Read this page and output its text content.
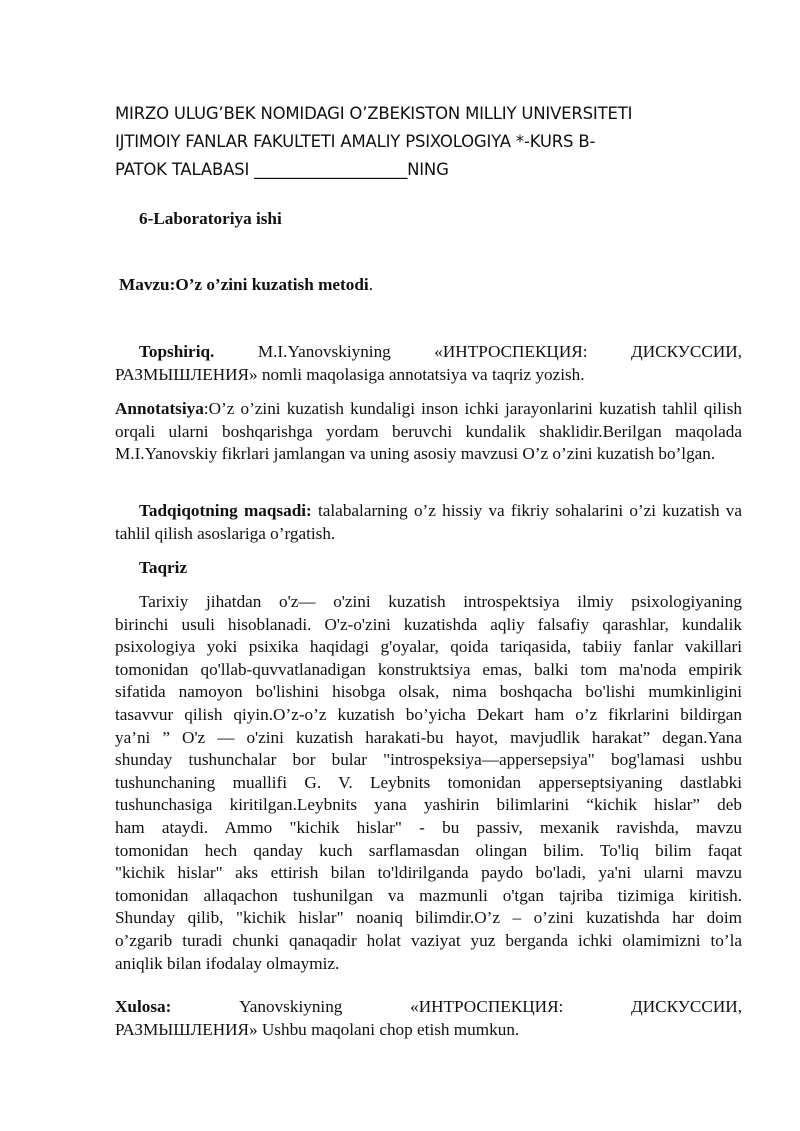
MIRZO ULUG’BEK NOMIDAGI O’ZBEKISTON MILLIY UNIVERSITETI
IJTIMOIY FANLAR FAKULTETI AMALIY PSIXOLOGIYA *-KURS B-
PATOK TALABASI ___________________NING
6-Laboratoriya ishi
Mavzu:O’z o’zini kuzatish metodi.
Topshiriq.	M.I.Yanovskiyning	«ИНТРОСПЕКЦИЯ:	ДИСКУССИИ,
РАЗМЫШЛЕНИЯ» nomli maqolasiga annotatsiya va taqriz yozish.
Annotatsiya:O’z o’zini kuzatish kundaligi inson ichki jarayonlarini kuzatish tahlil qilish orqali ularni boshqarishga yordam beruvchi kundalik shaklidir.Berilgan maqolada M.I.Yanovskiy fikrlari jamlangan va uning asosiy mavzusi O’z o’zini kuzatish bo’lgan.
Tadqiqotning maqsadi: talabalarning o’z hissiy va fikriy sohalarini o’zi kuzatish va tahlil qilish asoslariga o’rgatish.
Taqriz
Tarixiy jihatdan o'z— o'zini kuzatish introspektsiya ilmiy psixologiyaning
birinchi usuli hisoblanadi. O'z-o'zini kuzatishda aqliy falsafiy qarashlar, kundalik
psixologiya yoki psixika haqidagi g'oyalar, qoida tariqasida, tabiiy fanlar vakillari
tomonidan qo'llab-quvvatlanadigan konstruktsiya emas, balki tom ma'noda empirik
sifatida namoyon bo'lishini hisobga olsak, nima boshqacha bo'lishi mumkinligini
tasavvur qilish qiyin.O’z-o’z kuzatish bo’yicha Dekart ham o’z fikrlarini bildirgan
ya’ni ” O'z — o'zini kuzatish harakati-bu hayot, mavjudlik harakat” degan.Yana
shunday tushunchalar bor bular "introspeksiya—appersepsiya" bog'lamasi ushbu
tushunchaning muallifi G. V. Leybnits tomonidan apperseptsiyaning dastlabki
tushunchasiga kiritilgan.Leybnits yana yashirin bilimlarini “kichik hislar” deb
ham ataydi. Ammo "kichik hislar" - bu passiv, mexanik ravishda, mavzu
tomonidan hech qanday kuch sarflamasdan olingan bilim. To'liq bilim faqat
"kichik hislar" aks ettirish bilan to'ldirilganda paydo bo'ladi, ya'ni ularni mavzu
tomonidan allaqachon tushunilgan va mazmunli o'tgan tajriba tizimiga kiritish.
Shunday qilib, "kichik hislar" noaniq bilimdir.O’z – o’zini kuzatishda har doim
o’zgarib turadi chunki qanaqadir holat vaziyat yuz berganda ichki olamimizni to’la
aniqlik bilan ifodalay olmaymiz.
Xulosa:	Yanovskiyning	«ИНТРОСПЕКЦИЯ:	ДИСКУССИИ,
РАЗМЫШЛЕНИЯ» Ushbu maqolani chop etish mumkun.
